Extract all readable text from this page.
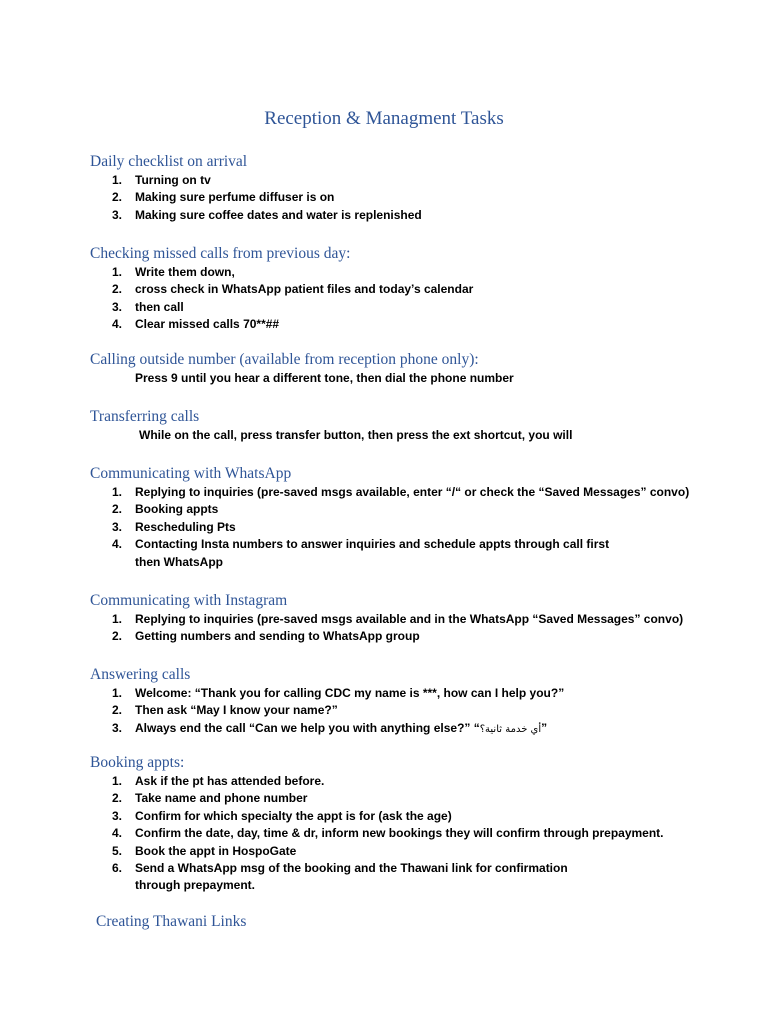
Reception & Managment Tasks
Daily checklist on arrival
1. Turning on tv
2. Making sure perfume diffuser is on
3. Making sure coffee dates and water is replenished
Checking missed calls from previous day:
1. Write them down,
2. cross check in WhatsApp patient files and today’s calendar
3. then call
4. Clear missed calls 70**##
Calling outside number (available from reception phone only):

Press 9 until you hear a different tone, then dial the phone number

Transferring calls

While on the call, press transfer button, then press the ext shortcut, you will

Communicating with WhatsApp
1. Replying to inquiries (pre-saved msgs available, enter “/“ or check the “Saved Messages” convo)
2. Booking appts
3. Rescheduling Pts
4. Contacting Insta numbers to answer inquiries and schedule appts through call first then WhatsApp
Communicating with Instagram
1. Replying to inquiries (pre-saved msgs available and in the WhatsApp “Saved Messages” convo)
2. Getting numbers and sending to WhatsApp group
Answering calls
1. Welcome: “Thank you for calling CDC my name is ***, how can I help you?”
2. Then ask “May I know your name?”
3. Always end the call “Can we help you with anything else?” “أي خدمة ثانية؟”
Booking appts:
1. Ask if the pt has attended before.
2. Take name and phone number
3. Confirm for which specialty the appt is for (ask the age)
4. Confirm the date, day, time & dr, inform new bookings they will confirm through prepayment.
5. Book the appt in HospoGate
6. Send a WhatsApp msg of the booking and the Thawani link for confirmation through prepayment.
Creating Thawani Links
